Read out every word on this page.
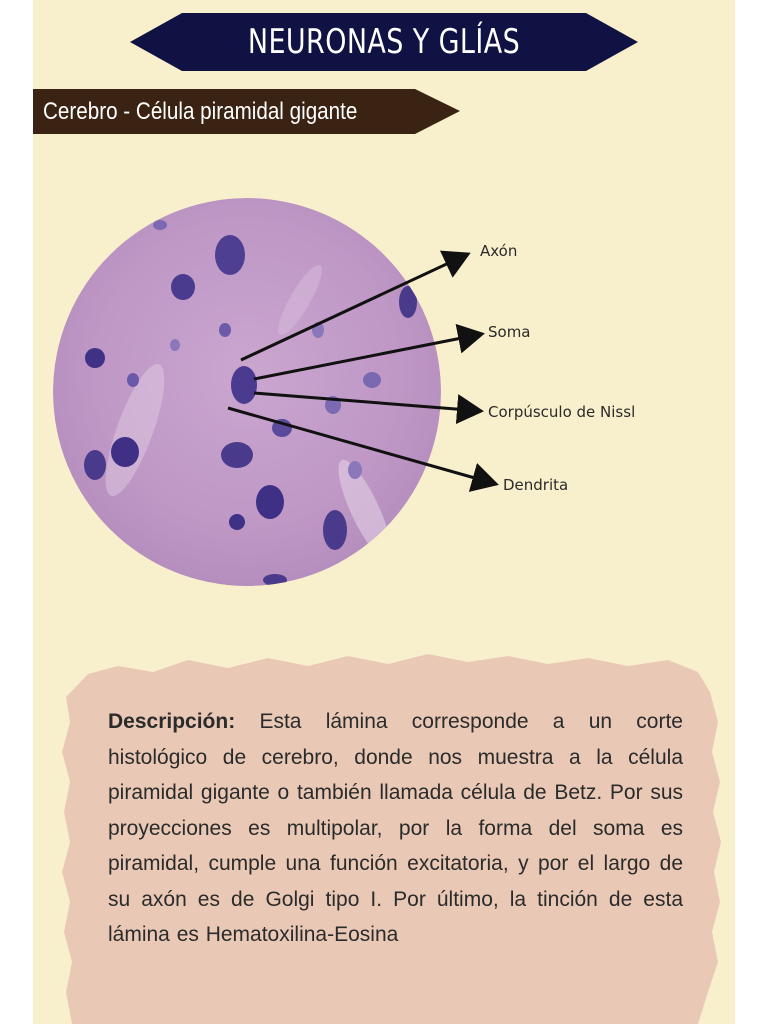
NEURONAS Y GLÍAS
Cerebro - Célula piramidal gigante
Axón
Soma
Corpúsculo de Nissl
Dendrita
Descripción: Esta lámina corresponde a un corte histológico de cerebro, donde nos muestra a la célula piramidal gigante o también llamada célula de Betz. Por sus proyecciones es multipolar, por la forma del soma es piramidal, cumple una función excitatoria, y por el largo de su axón es de Golgi tipo I. Por último, la tinción de esta lámina es Hematoxilina-Eosina
